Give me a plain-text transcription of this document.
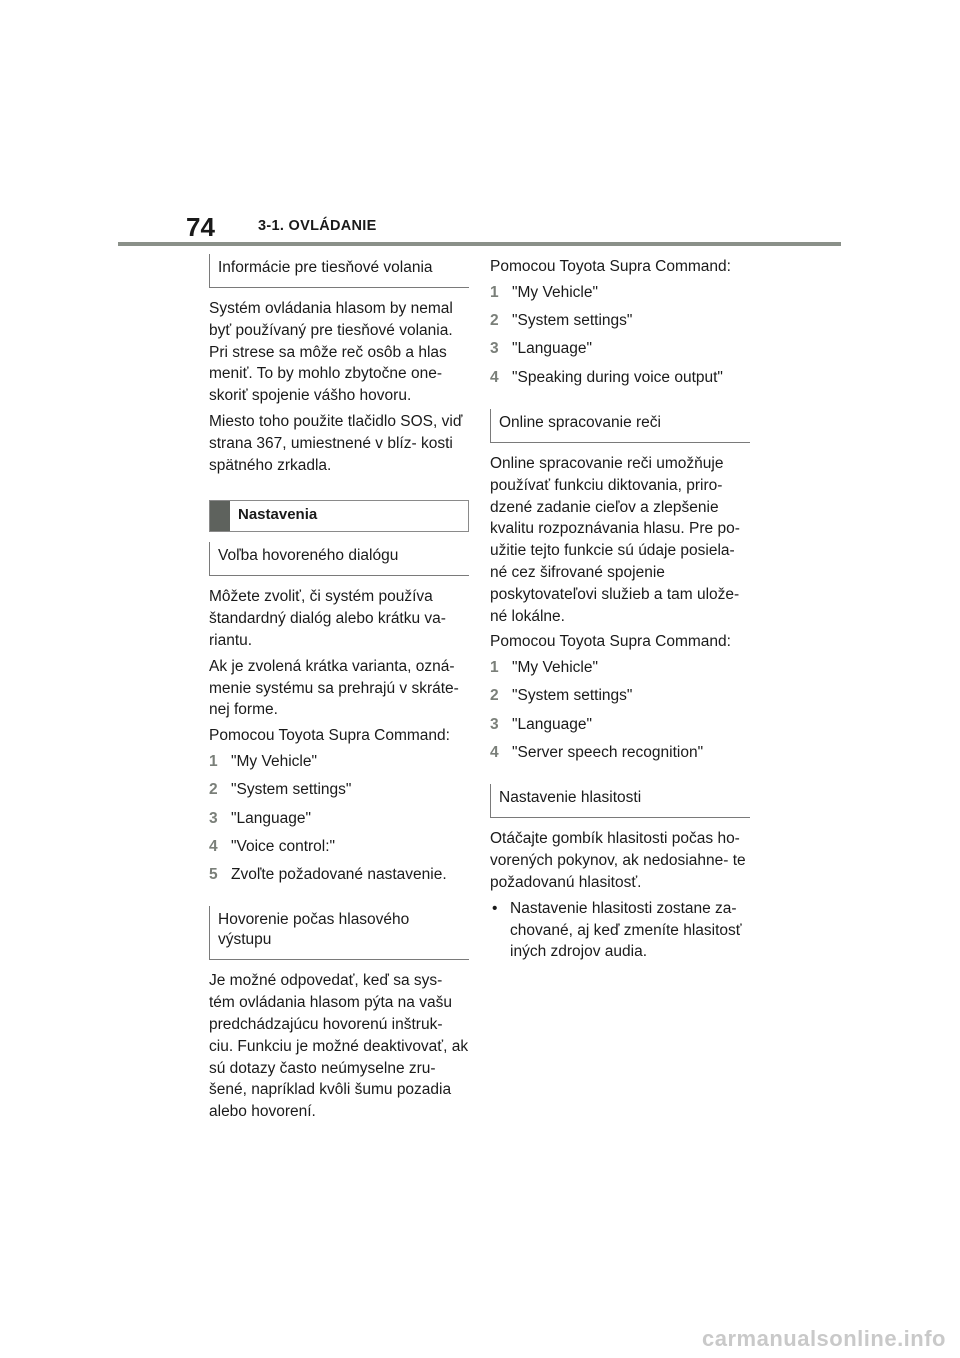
74	3-1. OVLÁDANIE
Informácie pre tiesňové volania

Systém ovládania hlasom by nemal byť používaný pre tiesňové volania. Pri strese sa môže reč osôb a hlas meniť. To by mohlo zbytočne one- skoriť spojenie vášho hovoru.

Miesto toho použite tlačidlo SOS, viď strana 367, umiestnené v blíz- kosti spätného zrkadla.

Nastavenia
Voľba hovoreného dialógu

Môžete zvoliť, či systém používa štandardný dialóg alebo krátku va- riantu.

Ak je zvolená krátka varianta, ozná- menie systému sa prehrajú v skráte- nej forme.

Pomocou Toyota Supra Command:

1 "My Vehicle"
2 "System settings"
3 "Language"
4 "Voice control:"
5 Zvoľte požadované nastavenie.
Hovorenie počas hlasového výstupu

Je možné odpovedať, keď sa sys- tém ovládania hlasom pýta na vašu predchádzajúcu hovorenú inštruk- ciu. Funkciu je možné deaktivovať, ak sú dotazy často neúmyselne zru- šené, napríklad kvôli šumu pozadia alebo hovorení.

Pomocou Toyota Supra Command:

1 "My Vehicle"
2 "System settings"
3 "Language"
4 "Speaking during voice output"
Online spracovanie reči

Online spracovanie reči umožňuje používať funkciu diktovania, priro- dzené zadanie cieľov a zlepšenie kvalitu rozpoznávania hlasu. Pre po- užitie tejto funkcie sú údaje posiela- né cez šifrované spojenie poskytovateľovi služieb a tam ulože- né lokálne.

Pomocou Toyota Supra Command:

1 "My Vehicle"
2 "System settings"
3 "Language"
4 "Server speech recognition"
Nastavenie hlasitosti

Otáčajte gombík hlasitosti počas ho- vorených pokynov, ak nedosiahne- te požadovanú hlasitosť.

• Nastavenie hlasitosti zostane za- chované, aj keď zmeníte hlasitosť iných zdrojov audia.
carmanualsonline.info
